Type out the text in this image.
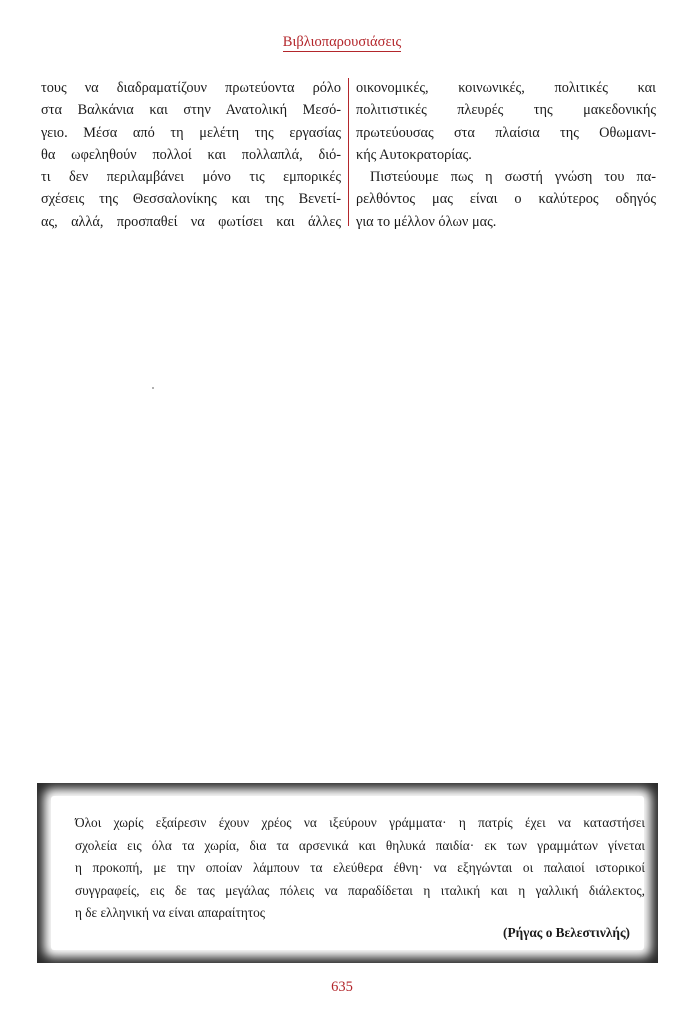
Βιβλιοπαρουσιάσεις
τους να διαδραματίζουν πρωτεύοντα ρόλο
στα Βαλκάνια και στην Ανατολική Μεσό-
γειο. Μέσα από τη μελέτη της εργασίας
θα ωφεληθούν πολλοί και πολλαπλά, διό-
τι δεν περιλαμβάνει μόνο τις εμπορικές
σχέσεις της Θεσσαλονίκης και της Βενετί-
ας, αλλά, προσπαθεί να φωτίσει και άλλες
οικονομικές, κοινωνικές, πολιτικές και
πολιτιστικές πλευρές της μακεδονικής
πρωτεύουσας στα πλαίσια της Οθωμανι-
κής Αυτοκρατορίας.
Πιστεύουμε πως η σωστή γνώση του πα-
ρελθόντος μας είναι ο καλύτερος οδηγός
για το μέλλον όλων μας.
Όλοι χωρίς εξαίρεσιν έχουν χρέος να ιξεύρουν γράμματα· η πατρίς έχει να καταστήσει
σχολεία εις όλα τα χωρία, δια τα αρσενικά και θηλυκά παιδία· εκ των γραμμάτων γίνεται
η προκοπή, με την οποίαν λάμπουν τα ελεύθερα έθνη· να εξηγώνται οι παλαιοί ιστορικοί
συγγραφείς, εις δε τας μεγάλας πόλεις να παραδίδεται η ιταλική και η γαλλική διάλεκτος,
η δε ελληνική να είναι απαραίτητος
(Ρήγας ο Βελεστινλής)
635
